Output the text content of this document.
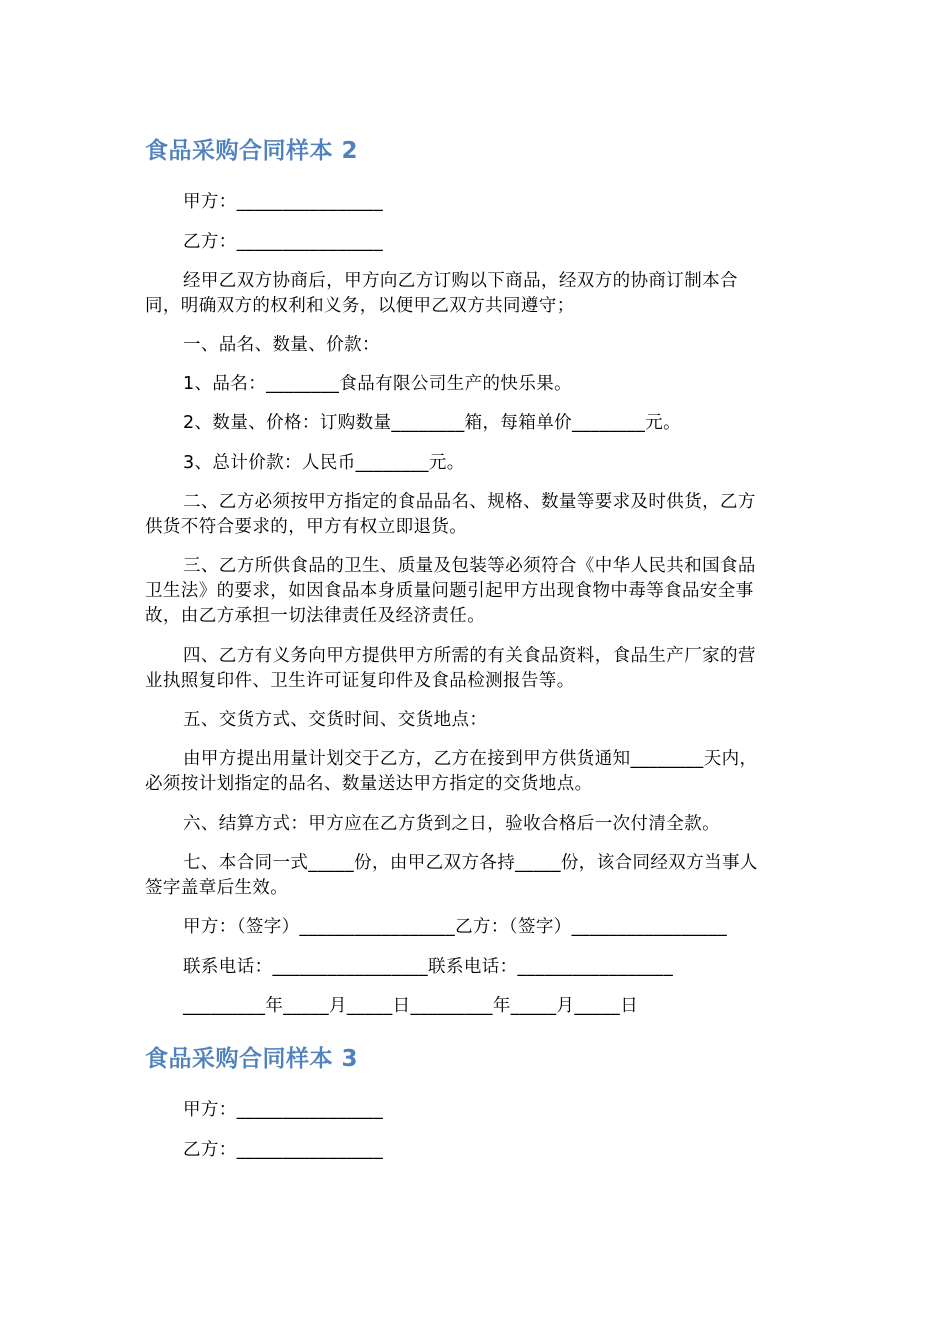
食品采购合同样本 2

甲方：________________

乙方：________________

经甲乙双方协商后，甲方向乙方订购以下商品，经双方的协商订制本合

同，明确双方的权利和义务，以便甲乙双方共同遵守；

一、品名、数量、价款：

1、品名：________食品有限公司生产的快乐果。

2、数量、价格：订购数量________箱，每箱单价________元。

3、总计价款：人民币________元。

二、乙方必须按甲方指定的食品品名、规格、数量等要求及时供货，乙方

供货不符合要求的，甲方有权立即退货。

三、乙方所供食品的卫生、质量及包装等必须符合《中华人民共和国食品

卫生法》的要求，如因食品本身质量问题引起甲方出现食物中毒等食品安全事

故，由乙方承担一切法律责任及经济责任。

四、乙方有义务向甲方提供甲方所需的有关食品资料，食品生产厂家的营

业执照复印件、卫生许可证复印件及食品检测报告等。

五、交货方式、交货时间、交货地点：

由甲方提出用量计划交于乙方，乙方在接到甲方供货通知________天内，

必须按计划指定的品名、数量送达甲方指定的交货地点。

六、结算方式：甲方应在乙方货到之日，验收合格后一次付清全款。

七、本合同一式_____份，由甲乙双方各持_____份，该合同经双方当事人

签字盖章后生效。

甲方：（签字）_________________乙方：（签字）_________________

联系电话：_________________联系电话：_________________

_________年_____月_____日_________年_____月_____日

食品采购合同样本 3

甲方：________________

乙方：________________
